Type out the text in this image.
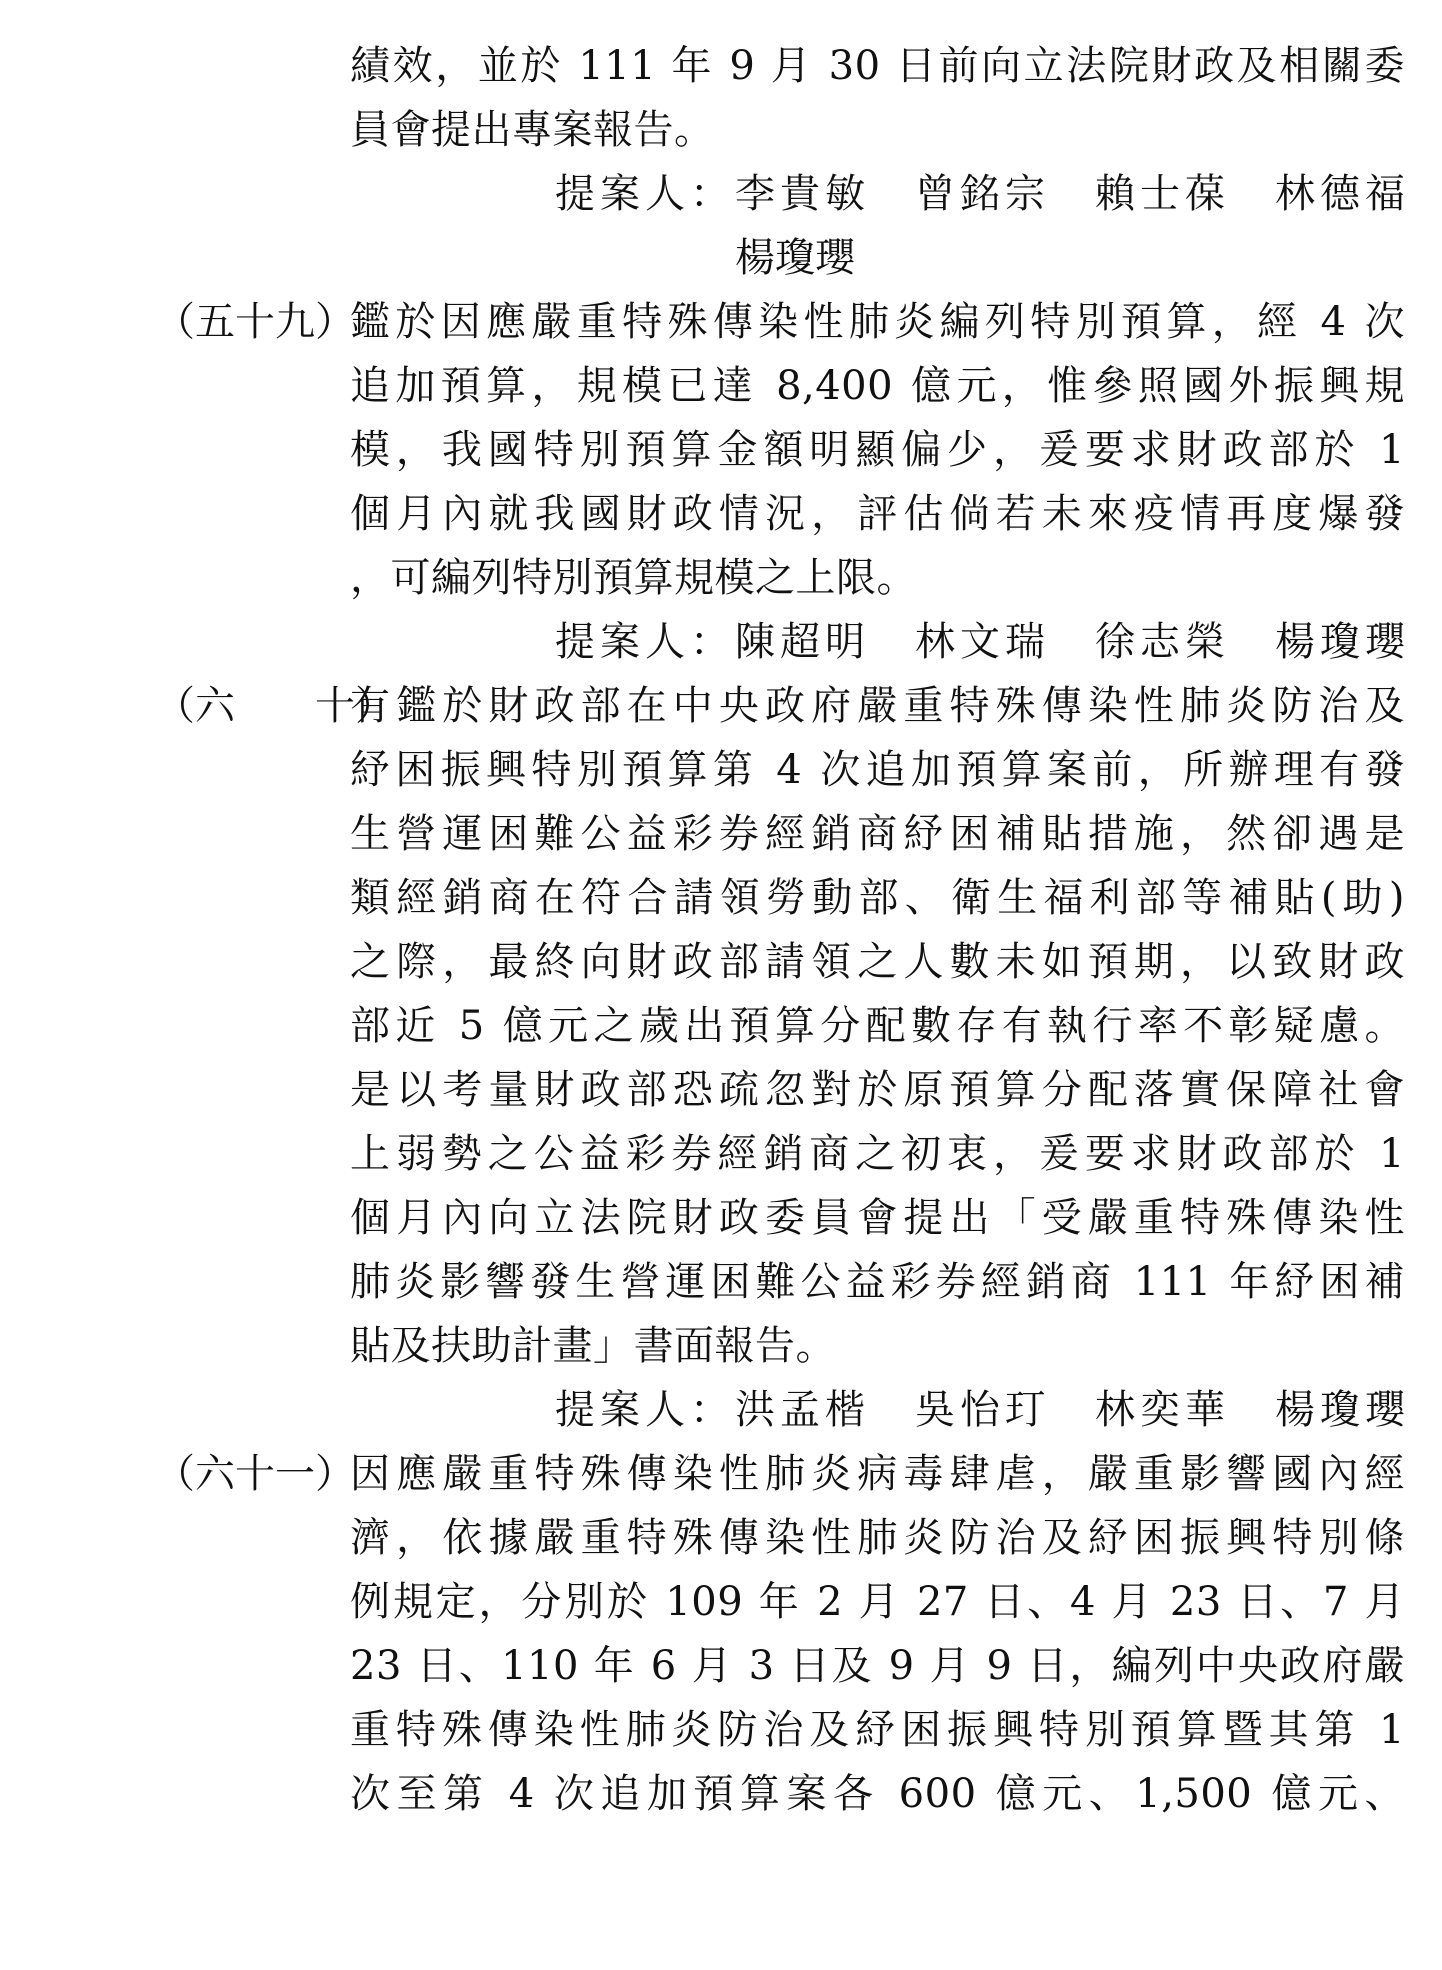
績效，並於 111 年 9 月 30 日前向立法院財政及相關委
員會提出專案報告。
提案人：李貴敏　曾銘宗　賴士葆　林德福
楊瓊瓔
（五十九）
鑑於因應嚴重特殊傳染性肺炎編列特別預算，經 4 次
追加預算，規模已達 8,400 億元，惟參照國外振興規
模，我國特別預算金額明顯偏少，爰要求財政部於 1
個月內就我國財政情況，評估倘若未來疫情再度爆發
，可編列特別預算規模之上限。
提案人：陳超明　林文瑞　徐志榮　楊瓊瓔
（六　　十）
有鑑於財政部在中央政府嚴重特殊傳染性肺炎防治及
紓困振興特別預算第 4 次追加預算案前，所辦理有發
生營運困難公益彩券經銷商紓困補貼措施，然卻遇是
類經銷商在符合請領勞動部、衛生福利部等補貼(助)
之際，最終向財政部請領之人數未如預期，以致財政
部近 5 億元之歲出預算分配數存有執行率不彰疑慮。
是以考量財政部恐疏忽對於原預算分配落實保障社會
上弱勢之公益彩券經銷商之初衷，爰要求財政部於 1
個月內向立法院財政委員會提出「受嚴重特殊傳染性
肺炎影響發生營運困難公益彩券經銷商 111 年紓困補
貼及扶助計畫」書面報告。
提案人：洪孟楷　吳怡玎　林奕華　楊瓊瓔
（六十一）
因應嚴重特殊傳染性肺炎病毒肆虐，嚴重影響國內經
濟，依據嚴重特殊傳染性肺炎防治及紓困振興特別條
例規定，分別於 109 年 2 月 27 日、4 月 23 日、7 月
23 日、110 年 6 月 3 日及 9 月 9 日，編列中央政府嚴
重特殊傳染性肺炎防治及紓困振興特別預算暨其第 1
次至第 4 次追加預算案各 600 億元、1,500 億元、
